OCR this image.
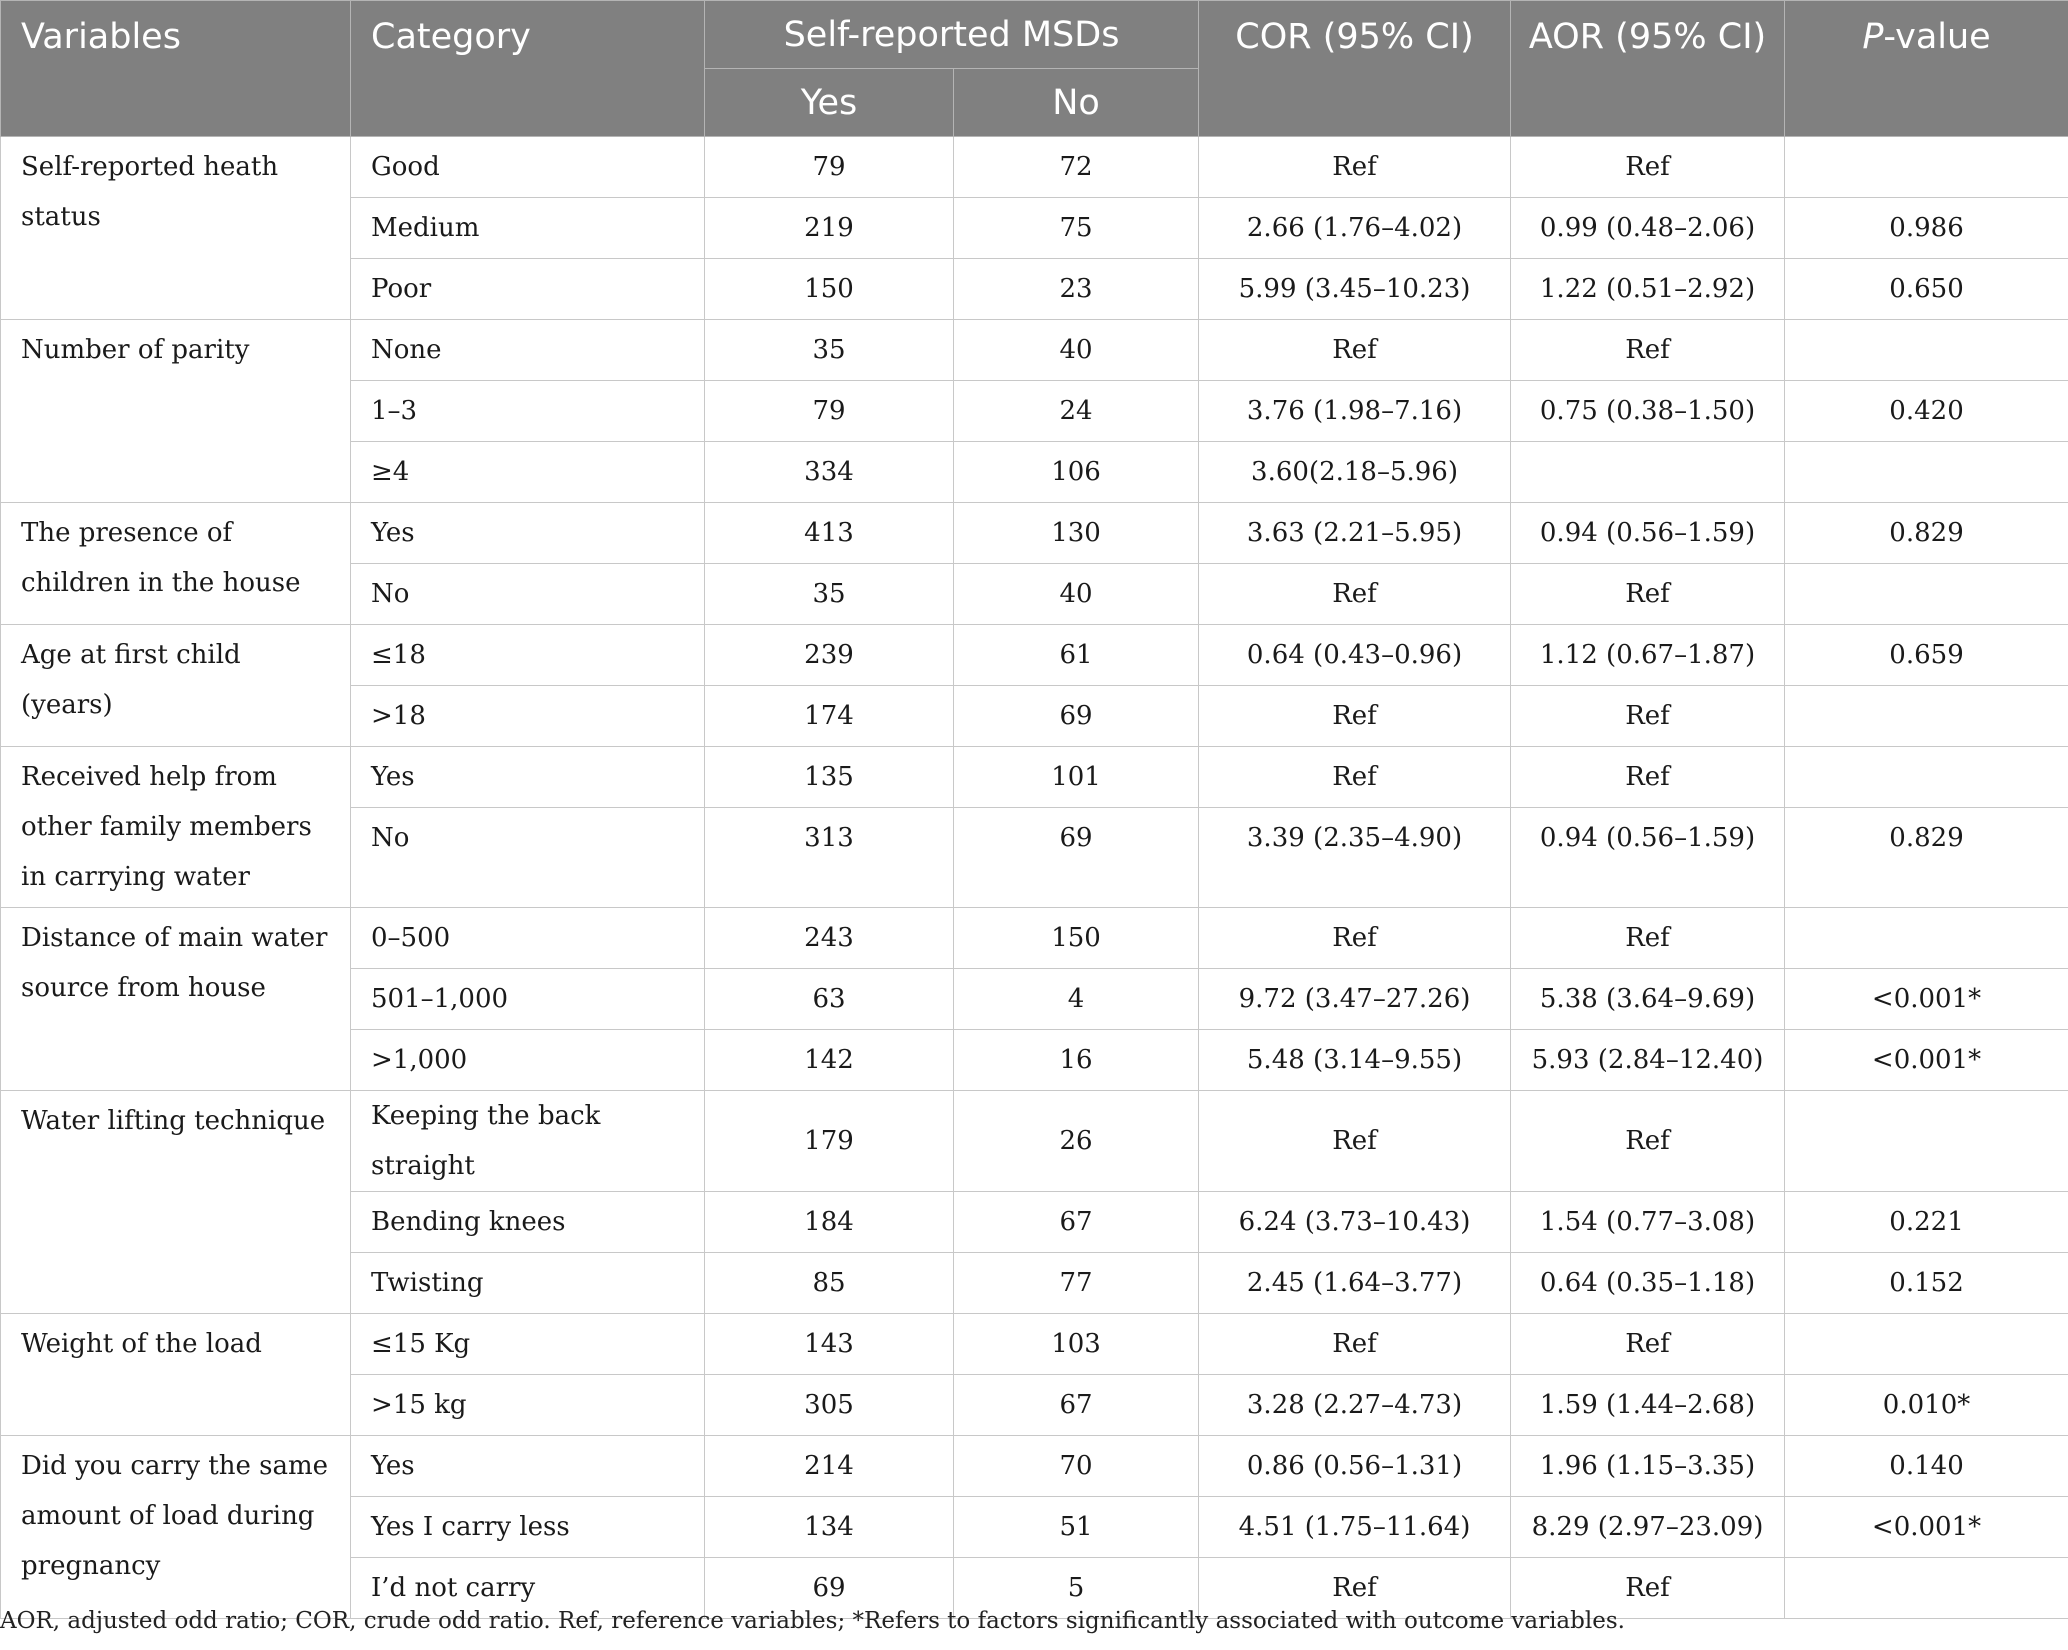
Variables	Category	Self-reported MSDs		COR (95% CI)	AOR (95% CI)	P-value
		Yes	No			
Self-reported heath status	Good	79	72	Ref	Ref	
	Medium	219	75	2.66 (1.76–4.02)	0.99 (0.48–2.06)	0.986
	Poor	150	23	5.99 (3.45–10.23)	1.22 (0.51–2.92)	0.650
Number of parity	None	35	40	Ref	Ref	
	1–3	79	24	3.76 (1.98–7.16)	0.75 (0.38–1.50)	0.420
	≥4	334	106	3.60(2.18–5.96)		
The presence of children in the house	Yes	413	130	3.63 (2.21–5.95)	0.94 (0.56–1.59)	0.829
	No	35	40	Ref	Ref	
Age at first child (years)	≤18	239	61	0.64 (0.43–0.96)	1.12 (0.67–1.87)	0.659
	>18	174	69	Ref	Ref	
Received help from other family members in carrying water	Yes	135	101	Ref	Ref	
	No	313	69	3.39 (2.35–4.90)	0.94 (0.56–1.59)	0.829
Distance of main water source from house	0–500	243	150	Ref	Ref	
	501–1,000	63	4	9.72 (3.47–27.26)	5.38 (3.64–9.69)	<0.001*
	>1,000	142	16	5.48 (3.14–9.55)	5.93 (2.84–12.40)	<0.001*
Water lifting technique	Keeping the back straight	179	26	Ref	Ref	
	Bending knees	184	67	6.24 (3.73–10.43)	1.54 (0.77–3.08)	0.221
	Twisting	85	77	2.45 (1.64–3.77)	0.64 (0.35–1.18)	0.152
Weight of the load	≤15 Kg	143	103	Ref	Ref	
	>15 kg	305	67	3.28 (2.27–4.73)	1.59 (1.44–2.68)	0.010*
Did you carry the same amount of load during pregnancy	Yes	214	70	0.86 (0.56–1.31)	1.96 (1.15–3.35)	0.140
	Yes I carry less	134	51	4.51 (1.75–11.64)	8.29 (2.97–23.09)	<0.001*
	I’d not carry	69	5	Ref	Ref	
AOR, adjusted odd ratio; COR, crude odd ratio. Ref, reference variables; *Refers to factors significantly associated with outcome variables.
